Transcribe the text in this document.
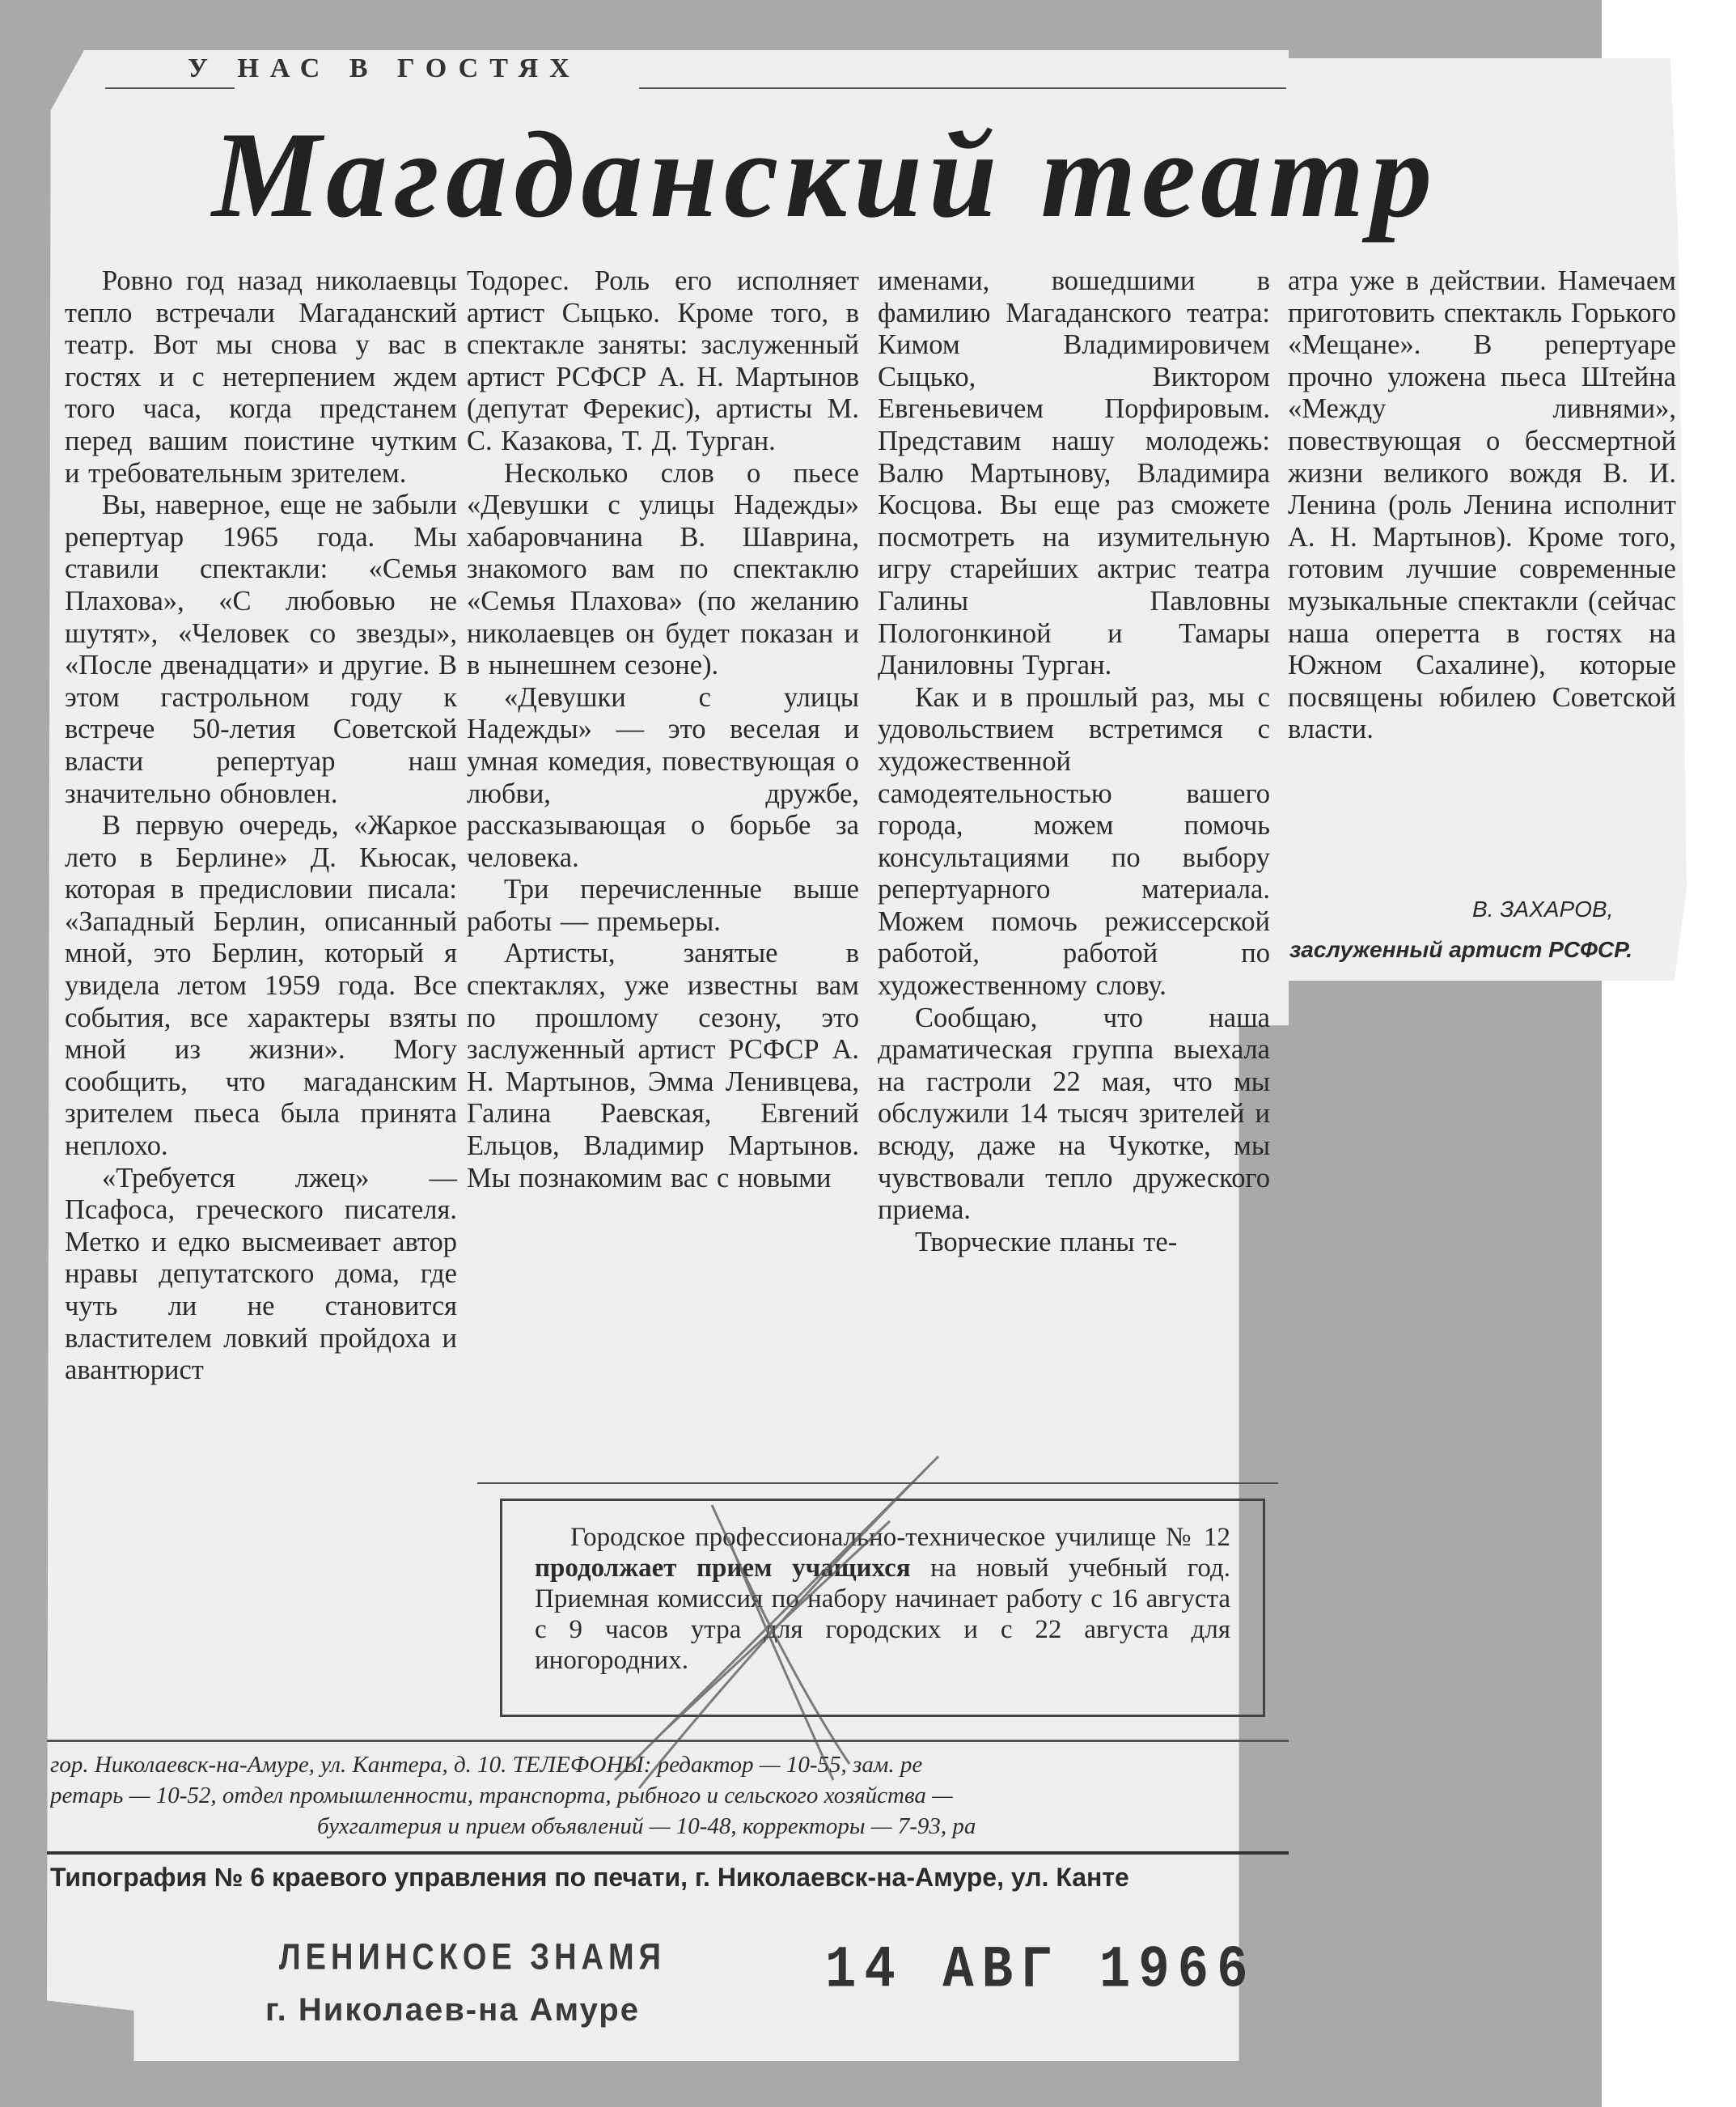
У НАС В ГОСТЯХ
Магаданский театр

Ровно год назад николаевцы тепло встречали Магаданский театр. Вот мы снова у вас в гостях и с нетерпением ждем того часа, когда предстанем перед вашим поистине чутким и требовательным зрителем.

Вы, наверное, еще не забыли репертуар 1965 года. Мы ставили спектакли: «Семья Плахова», «С любовью не шутят», «Человек со звезды», «После двенадцати» и другие. В этом гастрольном году к встрече 50-летия Советской власти репертуар наш значительно обновлен.

В первую очередь, «Жаркое лето в Берлине» Д. Кьюсак, которая в предисловии писала: «Западный Берлин, описанный мной, это Берлин, который я увидела летом 1959 года. Все события, все характеры взяты мной из жизни». Могу сообщить, что магаданским зрителем пьеса была принята неплохо.

«Требуется лжец» — Псафоса, греческого писателя. Метко и едко высмеивает автор нравы депутатского дома, где чуть ли не становится властителем ловкий пройдоха и авантюрист

Тодорес. Роль его исполняет артист Сыцько. Кроме того, в спектакле заняты: заслуженный артист РСФСР А. Н. Мартынов (депутат Ферекис), артисты М. С. Казакова, Т. Д. Турган.

Несколько слов о пьесе «Девушки с улицы Надежды» хабаровчанина В. Шаврина, знакомого вам по спектаклю «Семья Плахова» (по желанию николаевцев он будет показан и в нынешнем сезоне).

«Девушки с улицы Надежды» — это веселая и умная комедия, повествующая о любви, дружбе, рассказывающая о борьбе за человека.

Три перечисленные выше работы — премьеры.

Артисты, занятые в спектаклях, уже известны вам по прошлому сезону, это заслуженный артист РСФСР А. Н. Мартынов, Эмма Ленивцева, Галина Раевская, Евгений Ельцов, Владимир Мартынов. Мы познакомим вас с новыми

именами, вошедшими в фамилию Магаданского театра: Кимом Владимировичем Сыцько, Виктором Евгеньевичем Порфировым. Представим нашу молодежь: Валю Мартынову, Владимира Косцова. Вы еще раз сможете посмотреть на изумительную игру старейших актрис театра Галины Павловны Пологонкиной и Тамары Даниловны Турган.

Как и в прошлый раз, мы с удовольствием встретимся с художественной самодеятельностью вашего города, можем помочь консультациями по выбору репертуарного материала. Можем помочь режиссерской работой, работой по художественному слову.

Сообщаю, что наша драматическая группа выехала на гастроли 22 мая, что мы обслужили 14 тысяч зрителей и всюду, даже на Чукотке, мы чувствовали тепло дружеского приема.

Творческие планы те-

атра уже в действии. Намечаем приготовить спектакль Горького «Мещане». В репертуаре прочно уложена пьеса Штейна «Между ливнями», повествующая о бессмертной жизни великого вождя В. И. Ленина (роль Ленина исполнит А. Н. Мартынов). Кроме того, готовим лучшие современные музыкальные спектакли (сейчас наша оперетта в гостях на Южном Сахалине), которые посвящены юбилею Советской власти.

В. ЗАХАРОВ,
заслуженный артист РСФСР.
Городское профессионально-техническое училище № 12 продолжает прием учащихся на новый учебный год. Приемная комиссия по набору начинает работу с 16 августа с 9 часов утра для городских и с 22 августа для иногородних.
гор. Николаевск-на-Амуре, ул. Кантера, д. 10. ТЕЛЕФОНЫ: редактор — 10-55, зам. ре
ретарь — 10-52, отдел промышленности, транспорта, рыбного и сельского хозяйства —
бухгалтерия и прием объявлений — 10-48, корректоры — 7-93, ра
Типография № 6 краевого управления по печати, г. Николаевск-на-Амуре, ул. Канте
ЛЕНИНСКОЕ ЗНАМЯ
г. Николаев-на Амуре
14 АВГ 1966
